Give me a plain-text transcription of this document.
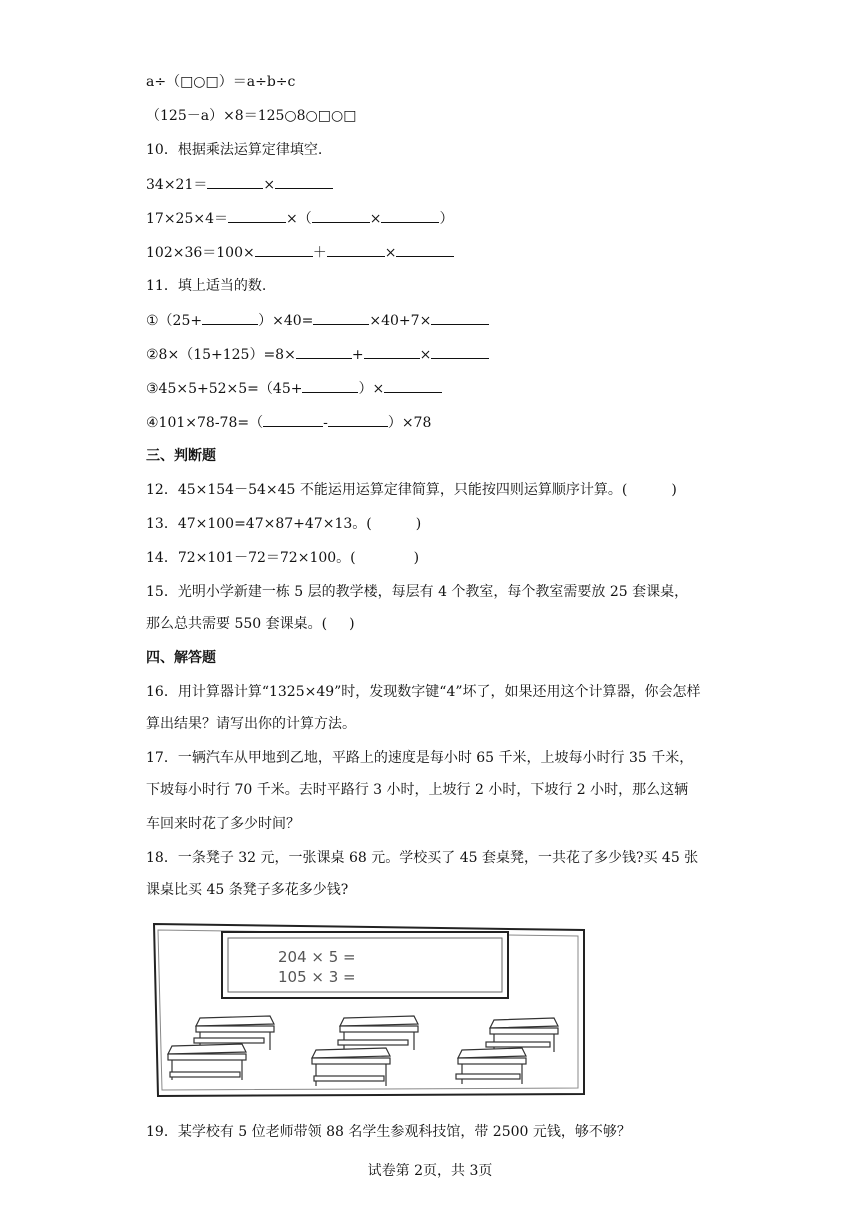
a÷（□○□）＝a÷b÷c
（125－a）×8＝125○8○□○□
10．根据乘法运算定律填空.
34×21＝	×
17×25×4＝	×（	×	）
102×36＝100×	＋	×
11．填上适当的数.
①（25+	）×40=	×40+7×
②8×（15+125）=8×	+	×
③45×5+52×5=（45+	）×
④101×78-78=（	-	）×78
三、判断题
12．45×154－54×45 不能运用运算定律简算，只能按四则运算顺序计算。(	)
13．47×100=47×87+47×13。(	)
14．72×101－72＝72×100。(	)
15．光明小学新建一栋 5 层的教学楼，每层有 4 个教室，每个教室需要放 25 套课桌，
那么总共需要 550 套课桌。( )
四、解答题
16．用计算器计算“1325×49”时，发现数字键“4”坏了，如果还用这个计算器，你会怎样
算出结果？请写出你的计算方法。
17．一辆汽车从甲地到乙地，平路上的速度是每小时 65 千米，上坡每小时行 35 千米，
下坡每小时行 70 千米。去时平路行 3 小时，上坡行 2 小时，下坡行 2 小时，那么这辆
车回来时花了多少时间？
18．一条凳子 32 元，一张课桌 68 元。学校买了 45 套桌凳，一共花了多少钱?买 45 张
课桌比买 45 条凳子多花多少钱?
204 × 5 =
105 × 3 =
19．某学校有 5 位老师带领 88 名学生参观科技馆，带 2500 元钱，够不够？
试卷第 2页，共 3页
